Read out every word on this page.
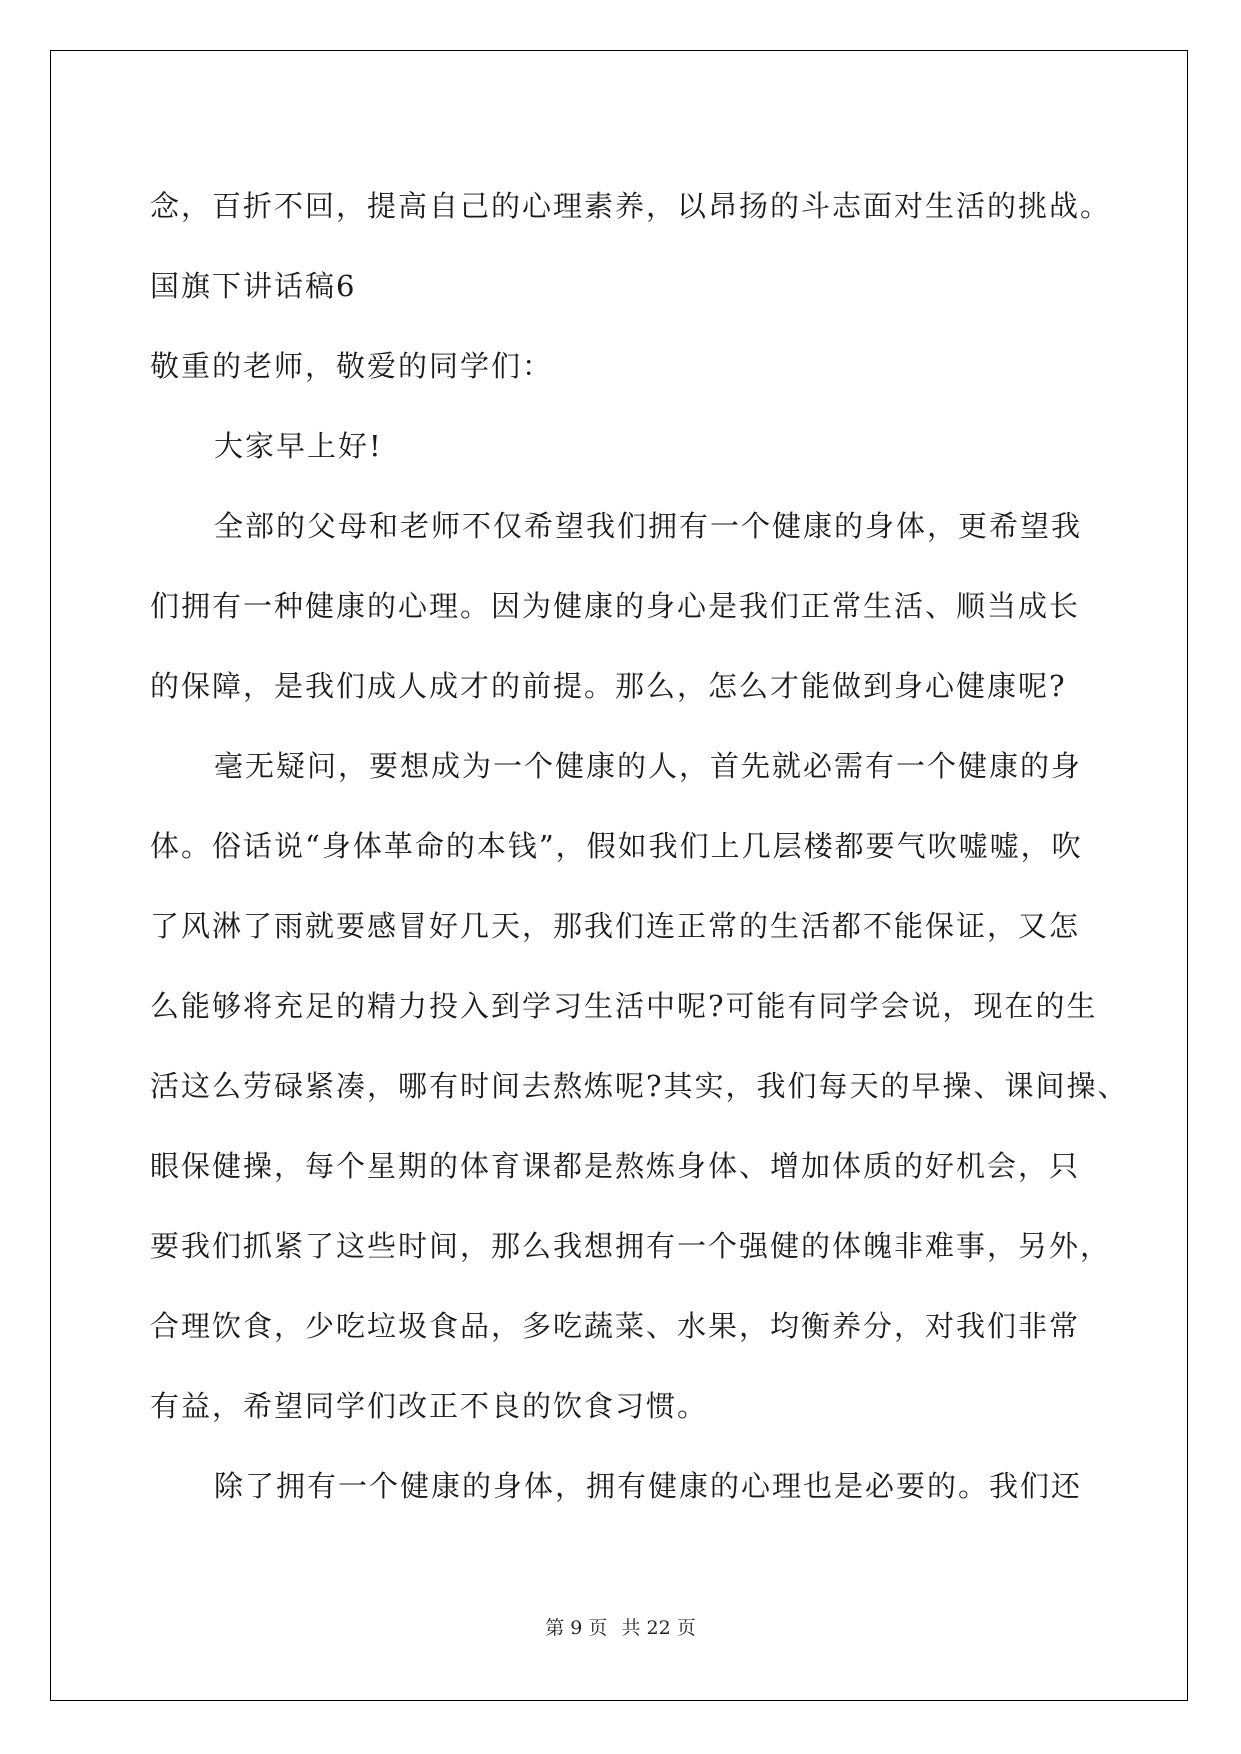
念，百折不回，提高自己的心理素养，以昂扬的斗志面对生活的挑战。
国旗下讲话稿6
敬重的老师，敬爱的同学们：
大家早上好!
全部的父母和老师不仅希望我们拥有一个健康的身体，更希望我
们拥有一种健康的心理。因为健康的身心是我们正常生活、顺当成长
的保障，是我们成人成才的前提。那么，怎么才能做到身心健康呢?
毫无疑问，要想成为一个健康的人，首先就必需有一个健康的身
体。俗话说“身体革命的本钱”，假如我们上几层楼都要气吹嘘嘘，吹
了风淋了雨就要感冒好几天，那我们连正常的生活都不能保证，又怎
么能够将充足的精力投入到学习生活中呢?可能有同学会说，现在的生
活这么劳碌紧凑，哪有时间去熬炼呢?其实，我们每天的早操、课间操、
眼保健操，每个星期的体育课都是熬炼身体、增加体质的好机会，只
要我们抓紧了这些时间，那么我想拥有一个强健的体魄非难事，另外，
合理饮食，少吃垃圾食品，多吃蔬菜、水果，均衡养分，对我们非常
有益，希望同学们改正不良的饮食习惯。
除了拥有一个健康的身体，拥有健康的心理也是必要的。我们还
第 9 页 共 22 页
